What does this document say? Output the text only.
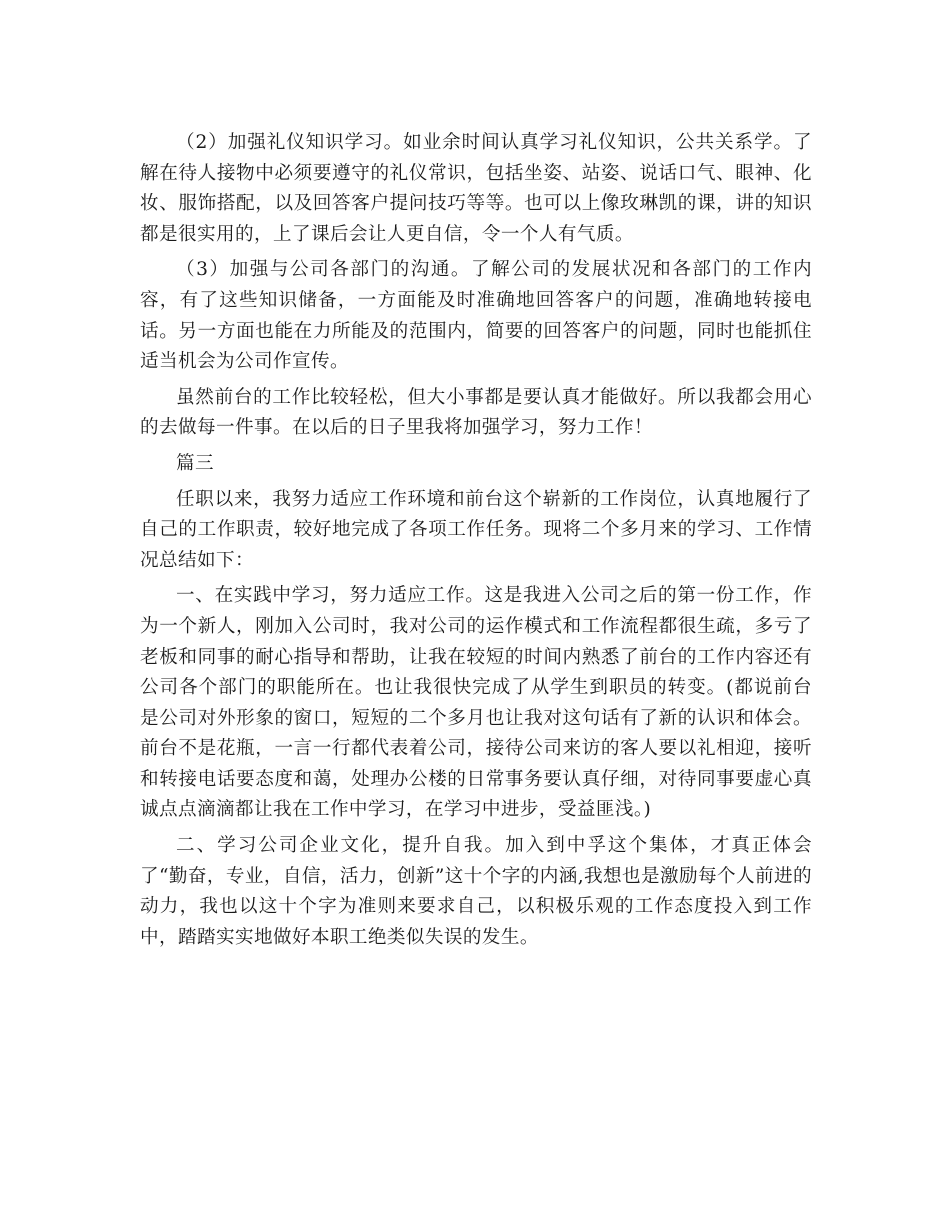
（2）加强礼仪知识学习。如业余时间认真学习礼仪知识，公共关系学。了解在待人接物中必须要遵守的礼仪常识，包括坐姿、站姿、说话口气、眼神、化妆、服饰搭配，以及回答客户提问技巧等等。也可以上像玫琳凯的课，讲的知识都是很实用的，上了课后会让人更自信，令一个人有气质。

（3）加强与公司各部门的沟通。了解公司的发展状况和各部门的工作内容，有了这些知识储备，一方面能及时准确地回答客户的问题，准确地转接电话。另一方面也能在力所能及的范围内，简要的回答客户的问题，同时也能抓住适当机会为公司作宣传。

虽然前台的工作比较轻松，但大小事都是要认真才能做好。所以我都会用心的去做每一件事。在以后的日子里我将加强学习，努力工作！

篇三

任职以来，我努力适应工作环境和前台这个崭新的工作岗位，认真地履行了自己的工作职责，较好地完成了各项工作任务。现将二个多月来的学习、工作情况总结如下：

一、在实践中学习，努力适应工作。这是我进入公司之后的第一份工作，作为一个新人，刚加入公司时，我对公司的运作模式和工作流程都很生疏，多亏了老板和同事的耐心指导和帮助，让我在较短的时间内熟悉了前台的工作内容还有公司各个部门的职能所在。也让我很快完成了从学生到职员的转变。(都说前台是公司对外形象的窗口，短短的二个多月也让我对这句话有了新的认识和体会。前台不是花瓶，一言一行都代表着公司，接待公司来访的客人要以礼相迎，接听和转接电话要态度和蔼，处理办公楼的日常事务要认真仔细，对待同事要虚心真诚点点滴滴都让我在工作中学习，在学习中进步，受益匪浅。)

二、学习公司企业文化，提升自我。加入到中孚这个集体，才真正体会了“勤奋，专业，自信，活力，创新”这十个字的内涵,我想也是激励每个人前进的动力，我也以这十个字为准则来要求自己，以积极乐观的工作态度投入到工作中，踏踏实实地做好本职工绝类似失误的发生。
